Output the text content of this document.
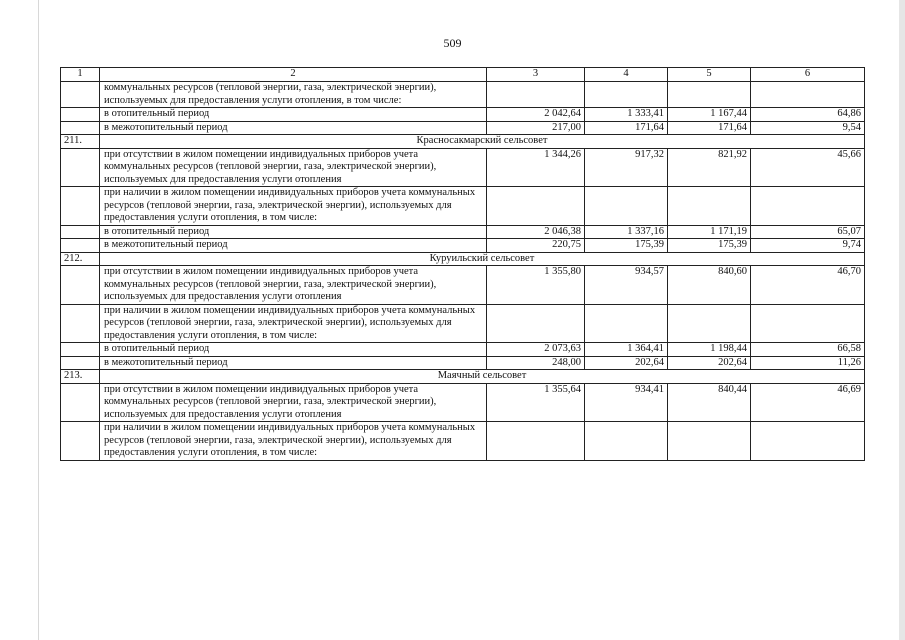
509
1	2	3	4	5	6
	коммунальных ресурсов (тепловой энергии, газа, электрической энергии), используемых для предоставления услуги отопления, в том числе:				
	в отопительный период	2 042,64	1 333,41	1 167,44	64,86
	в межотопительный период	217,00	171,64	171,64	9,54
211.	Красносакмарский сельсовет				
	при отсутствии в жилом помещении индивидуальных приборов учета коммунальных ресурсов (тепловой энергии, газа, электрической энергии), используемых для предоставления услуги отопления	1 344,26	917,32	821,92	45,66
	при наличии в жилом помещении индивидуальных приборов учета коммунальных ресурсов (тепловой энергии, газа, электрической энергии), используемых для предоставления услуги отопления, в том числе:				
	в отопительный период	2 046,38	1 337,16	1 171,19	65,07
	в межотопительный период	220,75	175,39	175,39	9,74
212.	Куруильский сельсовет				
	при отсутствии в жилом помещении индивидуальных приборов учета коммунальных ресурсов (тепловой энергии, газа, электрической энергии), используемых для предоставления услуги отопления	1 355,80	934,57	840,60	46,70
	при наличии в жилом помещении индивидуальных приборов учета коммунальных ресурсов (тепловой энергии, газа, электрической энергии), используемых для предоставления услуги отопления, в том числе:				
	в отопительный период	2 073,63	1 364,41	1 198,44	66,58
	в межотопительный период	248,00	202,64	202,64	11,26
213.	Маячный сельсовет				
	при отсутствии в жилом помещении индивидуальных приборов учета коммунальных ресурсов (тепловой энергии, газа, электрической энергии), используемых для предоставления услуги отопления	1 355,64	934,41	840,44	46,69
	при наличии в жилом помещении индивидуальных приборов учета коммунальных ресурсов (тепловой энергии, газа, электрической энергии), используемых для предоставления услуги отопления, в том числе:				
